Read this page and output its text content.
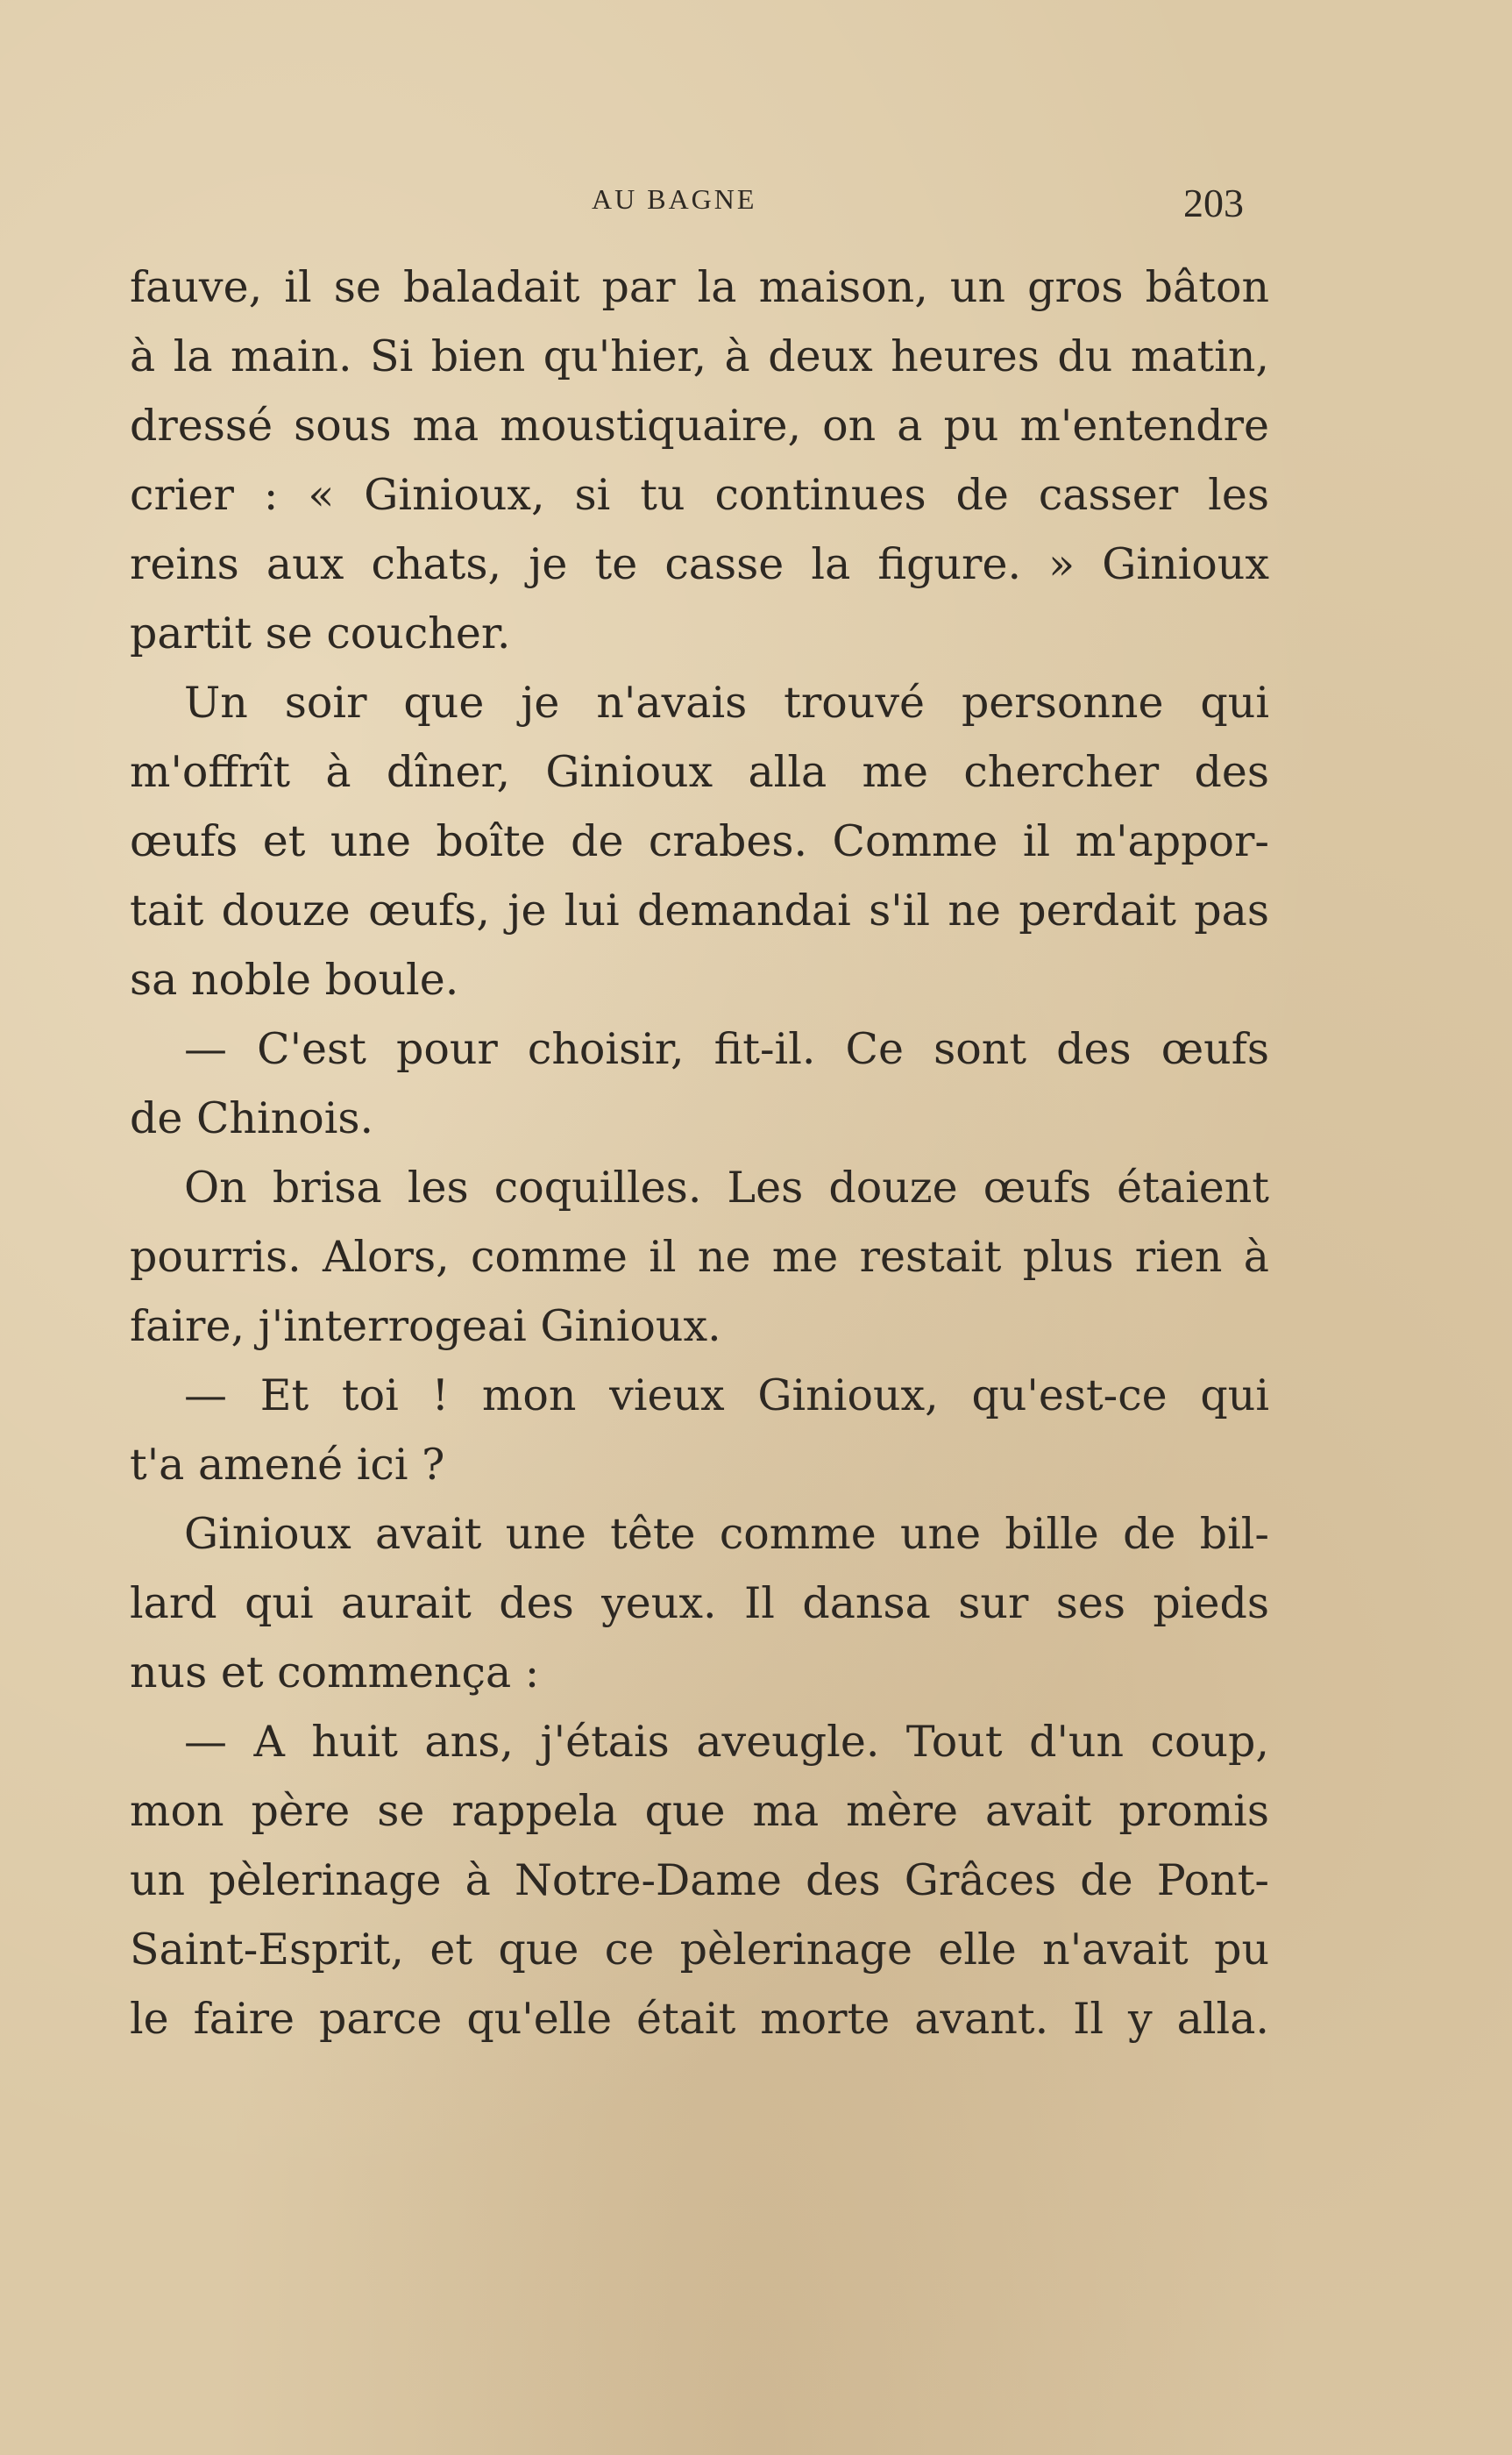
AU BAGNE	203
fauve, il se baladait par la maison, un gros bâton
à la main. Si bien qu'hier, à deux heures du matin,
dressé sous ma moustiquaire, on a pu m'entendre
crier : « Ginioux, si tu continues de casser les
reins aux chats, je te casse la figure. » Ginioux
partit se coucher.
Un soir que je n'avais trouvé personne qui
m'offrît à dîner, Ginioux alla me chercher des
œufs et une boîte de crabes. Comme il m'appor-
tait douze œufs, je lui demandai s'il ne perdait pas
sa noble boule.
— C'est pour choisir, fit-il. Ce sont des œufs
de Chinois.
On brisa les coquilles. Les douze œufs étaient
pourris. Alors, comme il ne me restait plus rien à
faire, j'interrogeai Ginioux.
— Et toi ! mon vieux Ginioux, qu'est-ce qui
t'a amené ici ?
Ginioux avait une tête comme une bille de bil-
lard qui aurait des yeux. Il dansa sur ses pieds
nus et commença :
— A huit ans, j'étais aveugle. Tout d'un coup,
mon père se rappela que ma mère avait promis
un pèlerinage à Notre-Dame des Grâces de Pont-
Saint-Esprit, et que ce pèlerinage elle n'avait pu
le faire parce qu'elle était morte avant. Il y alla.
